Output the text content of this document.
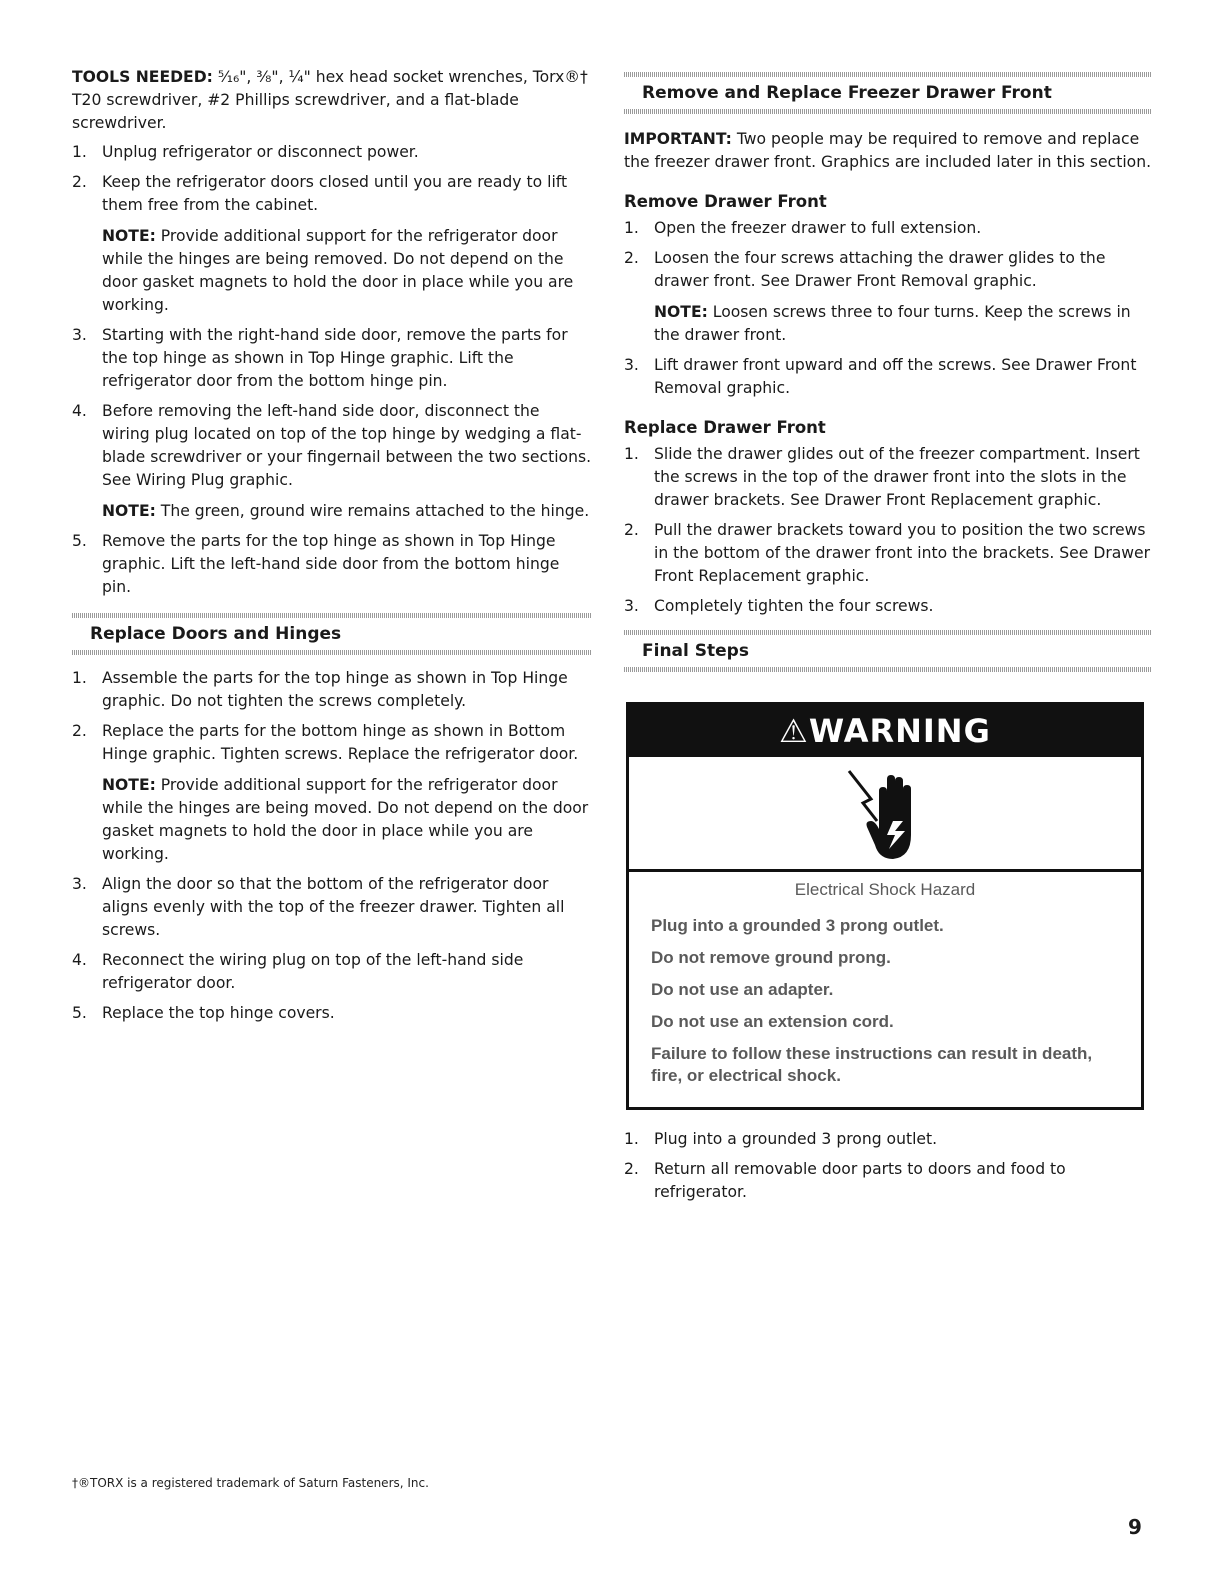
TOOLS NEEDED: ⁵⁄₁₆", ³⁄₈", ¼" hex head socket wrenches, Torx®† T20 screwdriver, #2 Phillips screwdriver, and a flat-blade screwdriver.

1. Unplug refrigerator or disconnect power.

2. Keep the refrigerator doors closed until you are ready to lift them free from the cabinet.

NOTE: Provide additional support for the refrigerator door while the hinges are being removed. Do not depend on the door gasket magnets to hold the door in place while you are working.

3. Starting with the right-hand side door, remove the parts for the top hinge as shown in Top Hinge graphic. Lift the refrigerator door from the bottom hinge pin.

4. Before removing the left-hand side door, disconnect the wiring plug located on top of the top hinge by wedging a flat-blade screwdriver or your fingernail between the two sections. See Wiring Plug graphic.

NOTE: The green, ground wire remains attached to the hinge.

5. Remove the parts for the top hinge as shown in Top Hinge graphic. Lift the left-hand side door from the bottom hinge pin.

Replace Doors and Hinges
1. Assemble the parts for the top hinge as shown in Top Hinge graphic. Do not tighten the screws completely.

2. Replace the parts for the bottom hinge as shown in Bottom Hinge graphic. Tighten screws. Replace the refrigerator door.

NOTE: Provide additional support for the refrigerator door while the hinges are being moved. Do not depend on the door gasket magnets to hold the door in place while you are working.

3. Align the door so that the bottom of the refrigerator door aligns evenly with the top of the freezer drawer. Tighten all screws.

4. Reconnect the wiring plug on top of the left-hand side refrigerator door.

5. Replace the top hinge covers.

Remove and Replace Freezer Drawer Front

IMPORTANT: Two people may be required to remove and replace the freezer drawer front. Graphics are included later in this section.

Remove Drawer Front
1. Open the freezer drawer to full extension.

2. Loosen the four screws attaching the drawer glides to the drawer front. See Drawer Front Removal graphic.

NOTE: Loosen screws three to four turns. Keep the screws in the drawer front.

3. Lift drawer front upward and off the screws. See Drawer Front Removal graphic.

Replace Drawer Front
1. Slide the drawer glides out of the freezer compartment. Insert the screws in the top of the drawer front into the slots in the drawer brackets. See Drawer Front Replacement graphic.

2. Pull the drawer brackets toward you to position the two screws in the bottom of the drawer front into the brackets. See Drawer Front Replacement graphic.

3. Completely tighten the four screws.

Final Steps
⚠WARNING

Electrical Shock Hazard

Plug into a grounded 3 prong outlet.

Do not remove ground prong.

Do not use an adapter.

Do not use an extension cord.

Failure to follow these instructions can result in death, fire, or electrical shock.

1. Plug into a grounded 3 prong outlet.

2. Return all removable door parts to doors and food to refrigerator.

†®TORX is a registered trademark of Saturn Fasteners, Inc.
9
